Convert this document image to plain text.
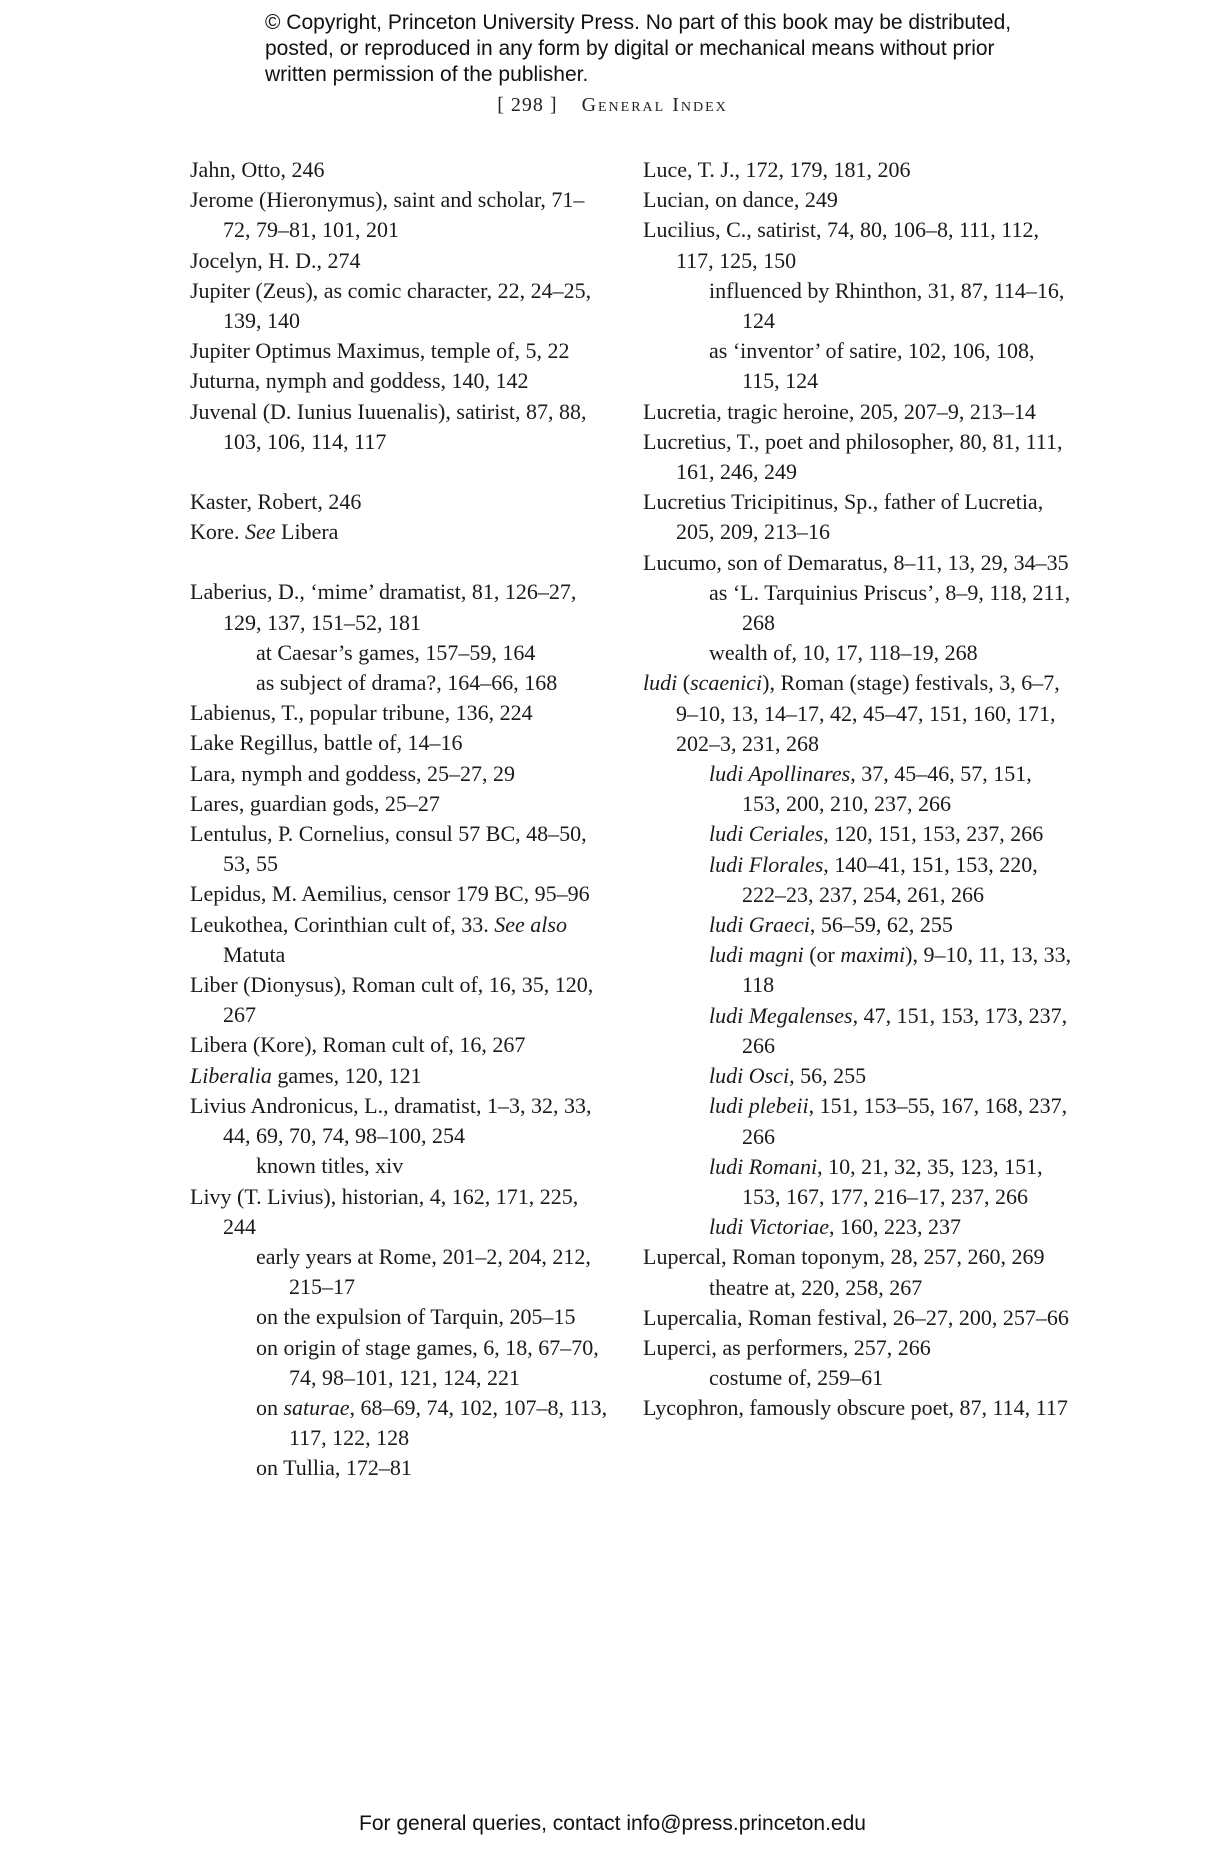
© Copyright, Princeton University Press. No part of this book may be distributed, posted, or reproduced in any form by digital or mechanical means without prior written permission of the publisher.
[ 298 ] General Index
Jahn, Otto, 246
Jerome (Hieronymus), saint and scholar, 71–72, 79–81, 101, 201
Jocelyn, H. D., 274
Jupiter (Zeus), as comic character, 22, 24–25, 139, 140
Jupiter Optimus Maximus, temple of, 5, 22
Juturna, nymph and goddess, 140, 142
Juvenal (D. Iunius Iuuenalis), satirist, 87, 88, 103, 106, 114, 117
Kaster, Robert, 246
Kore. See Libera
Laberius, D., ‘mime’ dramatist, 81, 126–27, 129, 137, 151–52, 181
at Caesar’s games, 157–59, 164
as subject of drama?, 164–66, 168
Labienus, T., popular tribune, 136, 224
Lake Regillus, battle of, 14–16
Lara, nymph and goddess, 25–27, 29
Lares, guardian gods, 25–27
Lentulus, P. Cornelius, consul 57 BC, 48–50, 53, 55
Lepidus, M. Aemilius, censor 179 BC, 95–96
Leukothea, Corinthian cult of, 33. See also Matuta
Liber (Dionysus), Roman cult of, 16, 35, 120, 267
Libera (Kore), Roman cult of, 16, 267
Liberalia games, 120, 121
Livius Andronicus, L., dramatist, 1–3, 32, 33, 44, 69, 70, 74, 98–100, 254
known titles, xiv
Livy (T. Livius), historian, 4, 162, 171, 225, 244
early years at Rome, 201–2, 204, 212, 215–17
on the expulsion of Tarquin, 205–15
on origin of stage games, 6, 18, 67–70, 74, 98–101, 121, 124, 221
on saturae, 68–69, 74, 102, 107–8, 113, 117, 122, 128
on Tullia, 172–81
Luce, T. J., 172, 179, 181, 206
Lucian, on dance, 249
Lucilius, C., satirist, 74, 80, 106–8, 111, 112, 117, 125, 150
influenced by Rhinthon, 31, 87, 114–16, 124
as ‘inventor’ of satire, 102, 106, 108, 115, 124
Lucretia, tragic heroine, 205, 207–9, 213–14
Lucretius, T., poet and philosopher, 80, 81, 111, 161, 246, 249
Lucretius Tricipitinus, Sp., father of Lucretia, 205, 209, 213–16
Lucumo, son of Demaratus, 8–11, 13, 29, 34–35
as ‘L. Tarquinius Priscus’, 8–9, 118, 211, 268
wealth of, 10, 17, 118–19, 268
ludi (scaenici), Roman (stage) festivals, 3, 6–7, 9–10, 13, 14–17, 42, 45–47, 151, 160, 171, 202–3, 231, 268
ludi Apollinares, 37, 45–46, 57, 151, 153, 200, 210, 237, 266
ludi Ceriales, 120, 151, 153, 237, 266
ludi Florales, 140–41, 151, 153, 220, 222–23, 237, 254, 261, 266
ludi Graeci, 56–59, 62, 255
ludi magni (or maximi), 9–10, 11, 13, 33, 118
ludi Megalenses, 47, 151, 153, 173, 237, 266
ludi Osci, 56, 255
ludi plebeii, 151, 153–55, 167, 168, 237, 266
ludi Romani, 10, 21, 32, 35, 123, 151, 153, 167, 177, 216–17, 237, 266
ludi Victoriae, 160, 223, 237
Lupercal, Roman toponym, 28, 257, 260, 269
theatre at, 220, 258, 267
Lupercalia, Roman festival, 26–27, 200, 257–66
Luperci, as performers, 257, 266
costume of, 259–61
Lycophron, famously obscure poet, 87, 114, 117
For general queries, contact info@press.princeton.edu
